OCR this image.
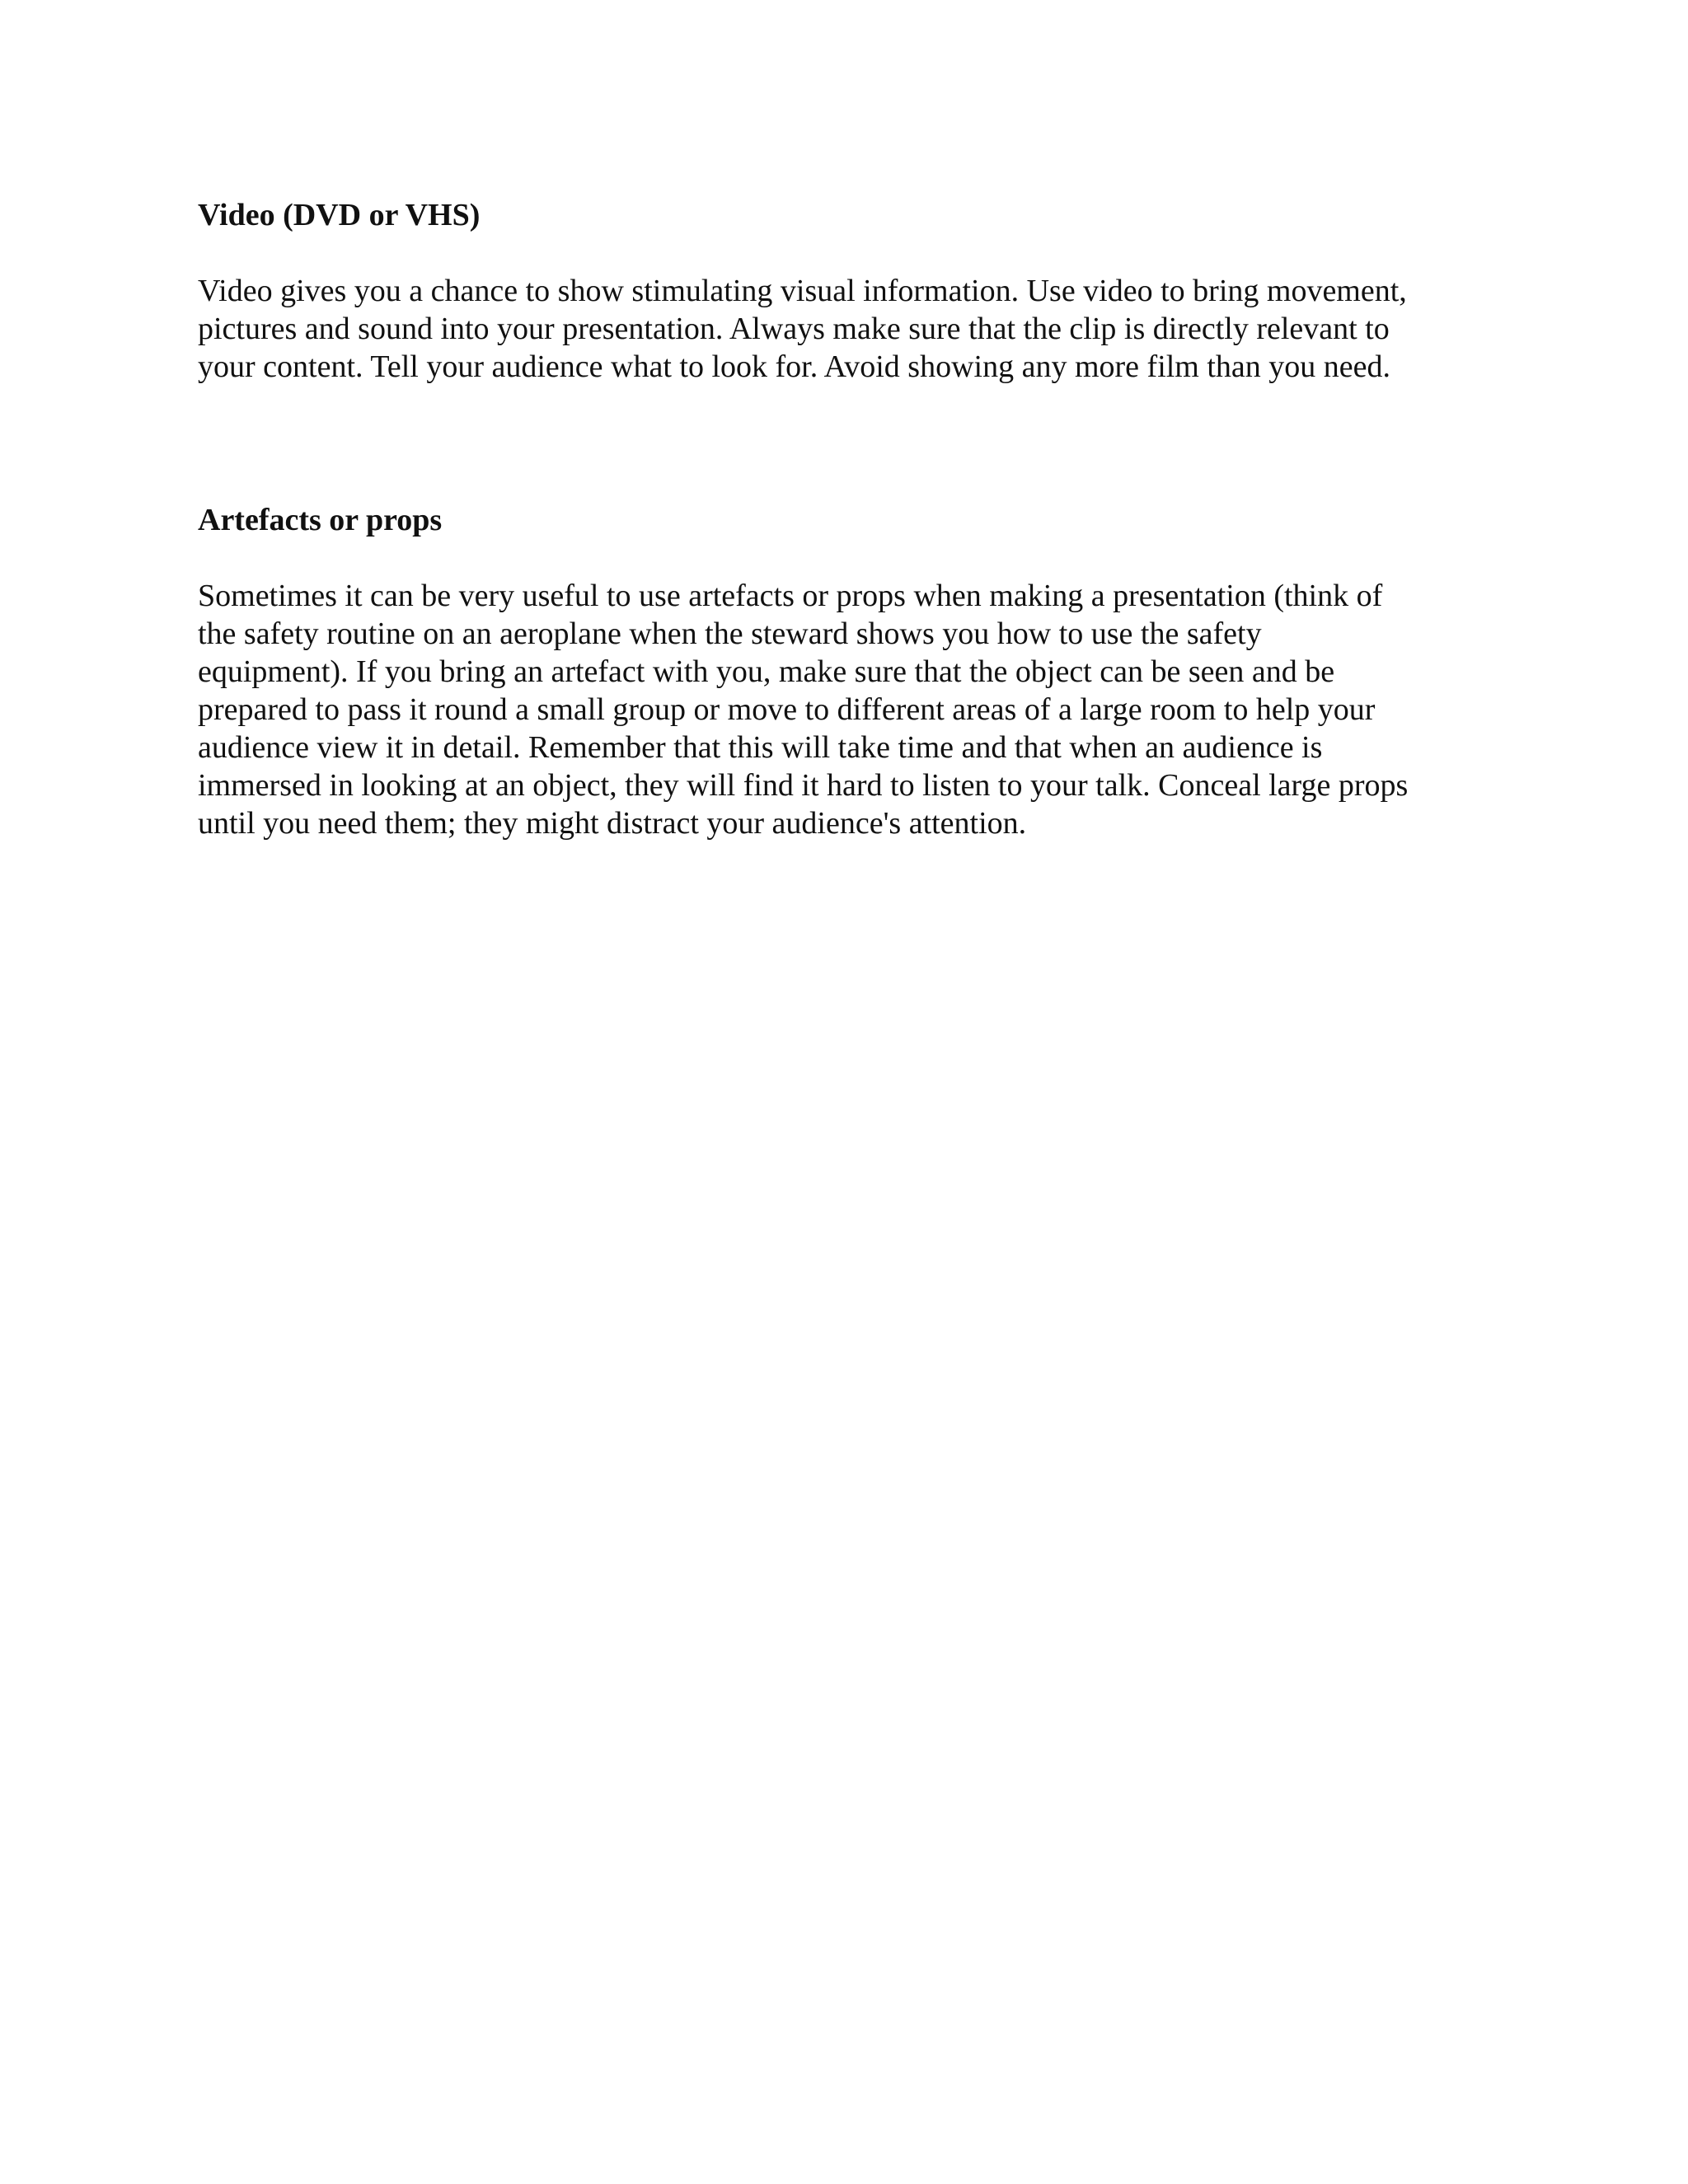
Video (DVD or VHS)

Video gives you a chance to show stimulating visual information. Use video to bring movement,
pictures and sound into your presentation. Always make sure that the clip is directly relevant to
your content. Tell your audience what to look for. Avoid showing any more film than you need.

Artefacts or props

Sometimes it can be very useful to use artefacts or props when making a presentation (think of
the safety routine on an aeroplane when the steward shows you how to use the safety
equipment). If you bring an artefact with you, make sure that the object can be seen and be
prepared to pass it round a small group or move to different areas of a large room to help your
audience view it in detail. Remember that this will take time and that when an audience is
immersed in looking at an object, they will find it hard to listen to your talk. Conceal large props
until you need them; they might distract your audience's attention.
